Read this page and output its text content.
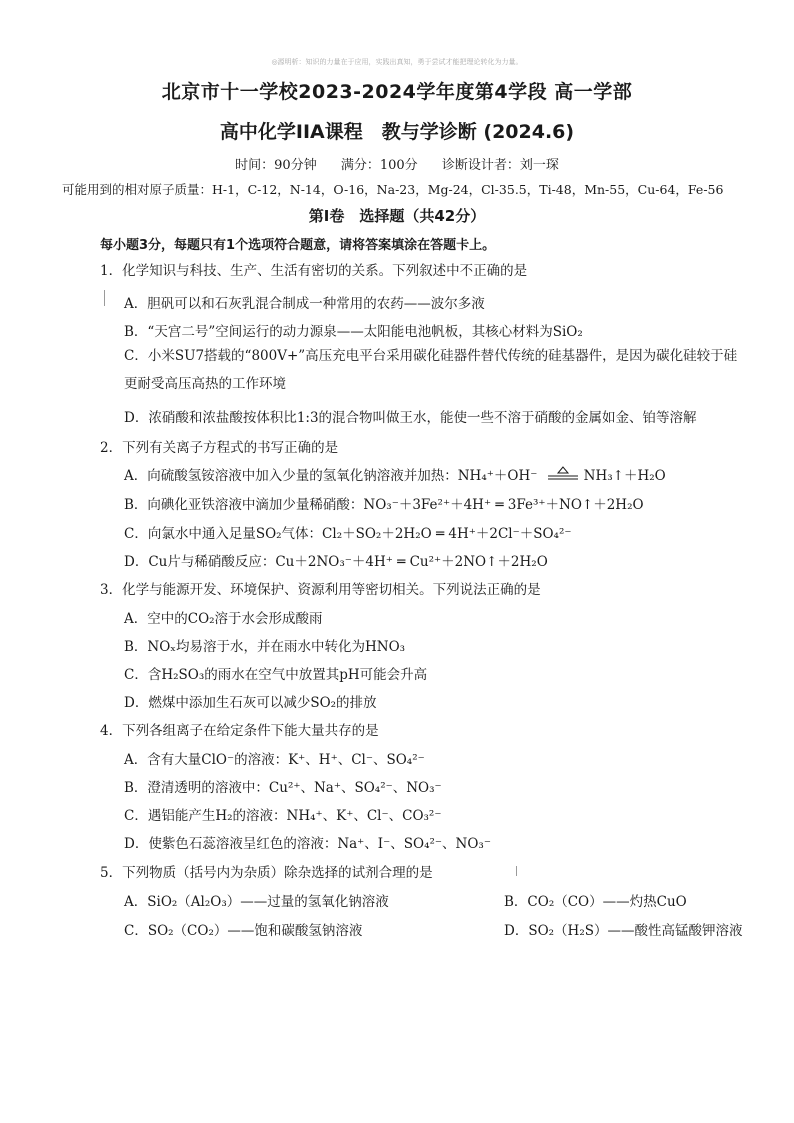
◎源明析：知识的力量在于应用，实践出真知，勇于尝试才能把理论转化为力量。
北京市十一学校2023-2024学年度第4学段 高一学部
高中化学IIA课程　教与学诊断 (2024.6)
时间：90分钟 满分：100分 诊断设计者：刘一琛
可能用到的相对原子质量：H-1，C-12，N-14，O-16，Na-23，Mg-24，Cl-35.5，Ti-48，Mn-55，Cu-64，Fe-56
第Ⅰ卷　选择题（共42分）
每小题3分，每题只有1个选项符合题意，请将答案填涂在答题卡上。
1．化学知识与科技、生产、生活有密切的关系。下列叙述中不正确的是
A．胆矾可以和石灰乳混合制成一种常用的农药——波尔多液
B．“天宫二号”空间运行的动力源泉——太阳能电池帆板，其核心材料为SiO₂
C．小米SU7搭载的“800V+”高压充电平台采用碳化硅器件替代传统的硅基器件，是因为碳化硅较于硅更耐受高压高热的工作环境
D．浓硝酸和浓盐酸按体积比1:3的混合物叫做王水，能使一些不溶于硝酸的金属如金、铂等溶解
2．下列有关离子方程式的书写正确的是
A．向硫酸氢铵溶液中加入少量的氢氧化钠溶液并加热：NH₄⁺＋OH⁻	NH₃↑＋H₂O
B．向碘化亚铁溶液中滴加少量稀硝酸：NO₃⁻＋3Fe²⁺＋4H⁺ ═ 3Fe³⁺＋NO↑＋2H₂O
C．向氯水中通入足量SO₂气体：Cl₂＋SO₂＋2H₂O ═ 4H⁺＋2Cl⁻＋SO₄²⁻
D．Cu片与稀硝酸反应：Cu＋2NO₃⁻＋4H⁺ ═ Cu²⁺＋2NO↑＋2H₂O
3．化学与能源开发、环境保护、资源利用等密切相关。下列说法正确的是
A．空中的CO₂溶于水会形成酸雨
B．NOₓ均易溶于水，并在雨水中转化为HNO₃
C．含H₂SO₃的雨水在空气中放置其pH可能会升高
D．燃煤中添加生石灰可以减少SO₂的排放
4．下列各组离子在给定条件下能大量共存的是
A．含有大量ClO⁻的溶液：K⁺、H⁺、Cl⁻、SO₄²⁻
B．澄清透明的溶液中：Cu²⁺、Na⁺、SO₄²⁻、NO₃⁻
C．遇铝能产生H₂的溶液：NH₄⁺、K⁺、Cl⁻、CO₃²⁻
D．使紫色石蕊溶液呈红色的溶液：Na⁺、I⁻、SO₄²⁻、NO₃⁻
5．下列物质（括号内为杂质）除杂选择的试剂合理的是
A．SiO₂（Al₂O₃）——过量的氢氧化钠溶液	B．CO₂（CO）——灼热CuO
C．SO₂（CO₂）——饱和碳酸氢钠溶液	D．SO₂（H₂S）——酸性高锰酸钾溶液
